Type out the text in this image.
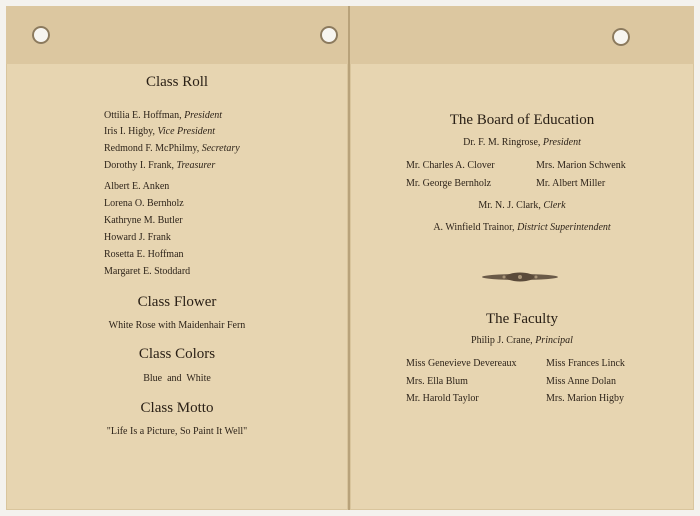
Class Roll
Ottilia E. Hoffman, President
Iris I. Higby, Vice President
Redmond F. McPhilmy, Secretary
Dorothy I. Frank, Treasurer
Albert E. Anken
Lorena O. Bernholz
Kathryne M. Butler
Howard J. Frank
Rosetta E. Hoffman
Margaret E. Stoddard
Class Flower
White Rose with Maidenhair Fern
Class Colors
Blue  and  White
Class Motto
"Life Is a Picture, So Paint It Well"
The Board of Education
Dr. F. M. Ringrose, President
Mr. Charles A. Clover	Mrs. Marion Schwenk
Mr. George Bernholz	Mr. Albert Miller
Mr. N. J. Clark, Clerk
A. Winfield Trainor, District Superintendent
The Faculty
Philip J. Crane, Principal
Miss Genevieve Devereaux	Miss Frances Linck
Mrs. Ella Blum	Miss Anne Dolan
Mr. Harold Taylor	Mrs. Marion Higby
